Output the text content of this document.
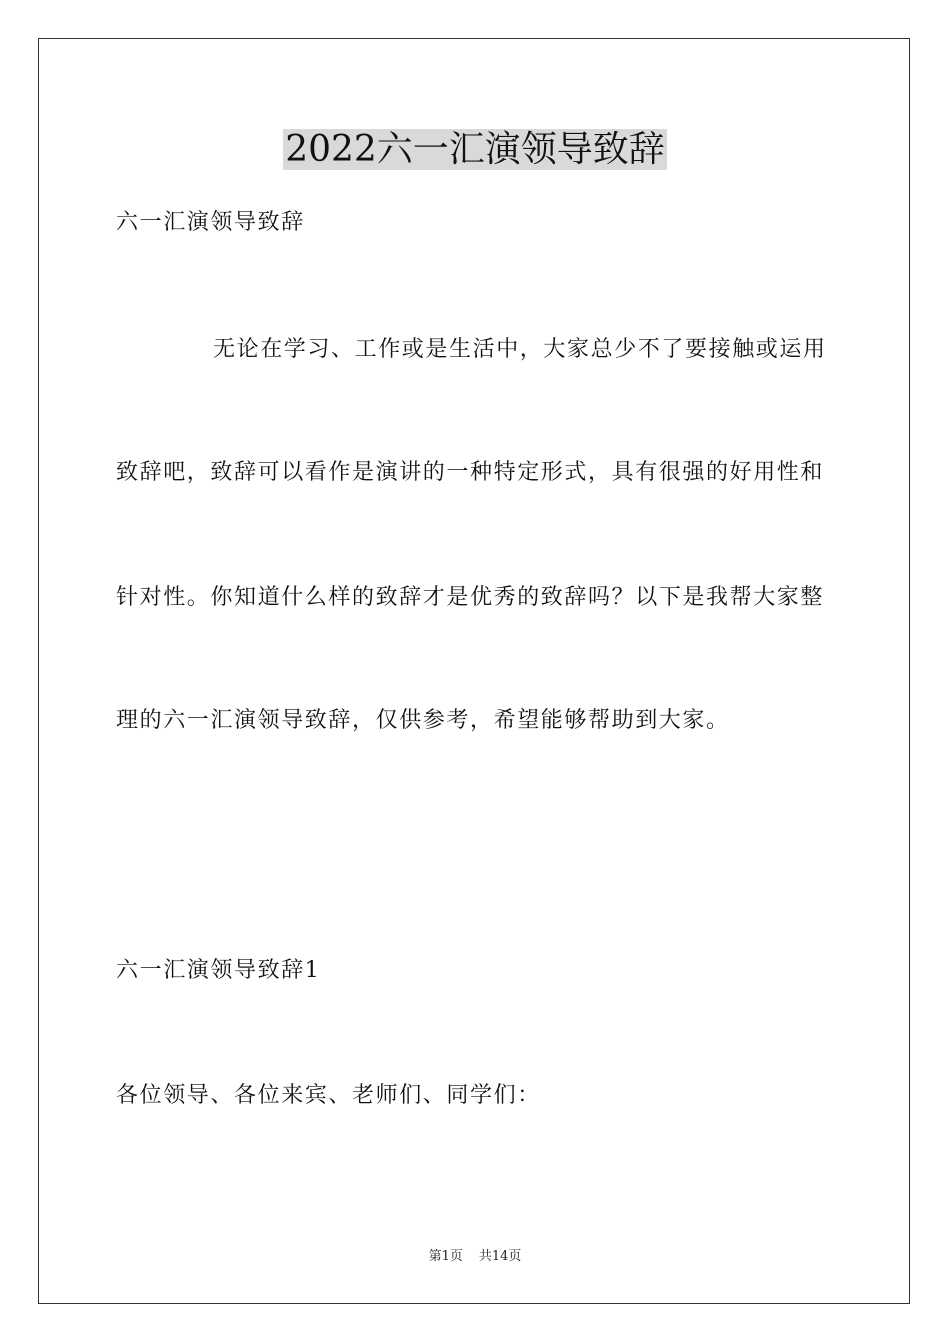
2022六一汇演领导致辞
六一汇演领导致辞
无论在学习、工作或是生活中，大家总少不了要接触或运用
致辞吧，致辞可以看作是演讲的一种特定形式，具有很强的好用性和
针对性。你知道什么样的致辞才是优秀的致辞吗？以下是我帮大家整
理的六一汇演领导致辞，仅供参考，希望能够帮助到大家。
六一汇演领导致辞1
各位领导、各位来宾、老师们、同学们：
第1页 共14页
